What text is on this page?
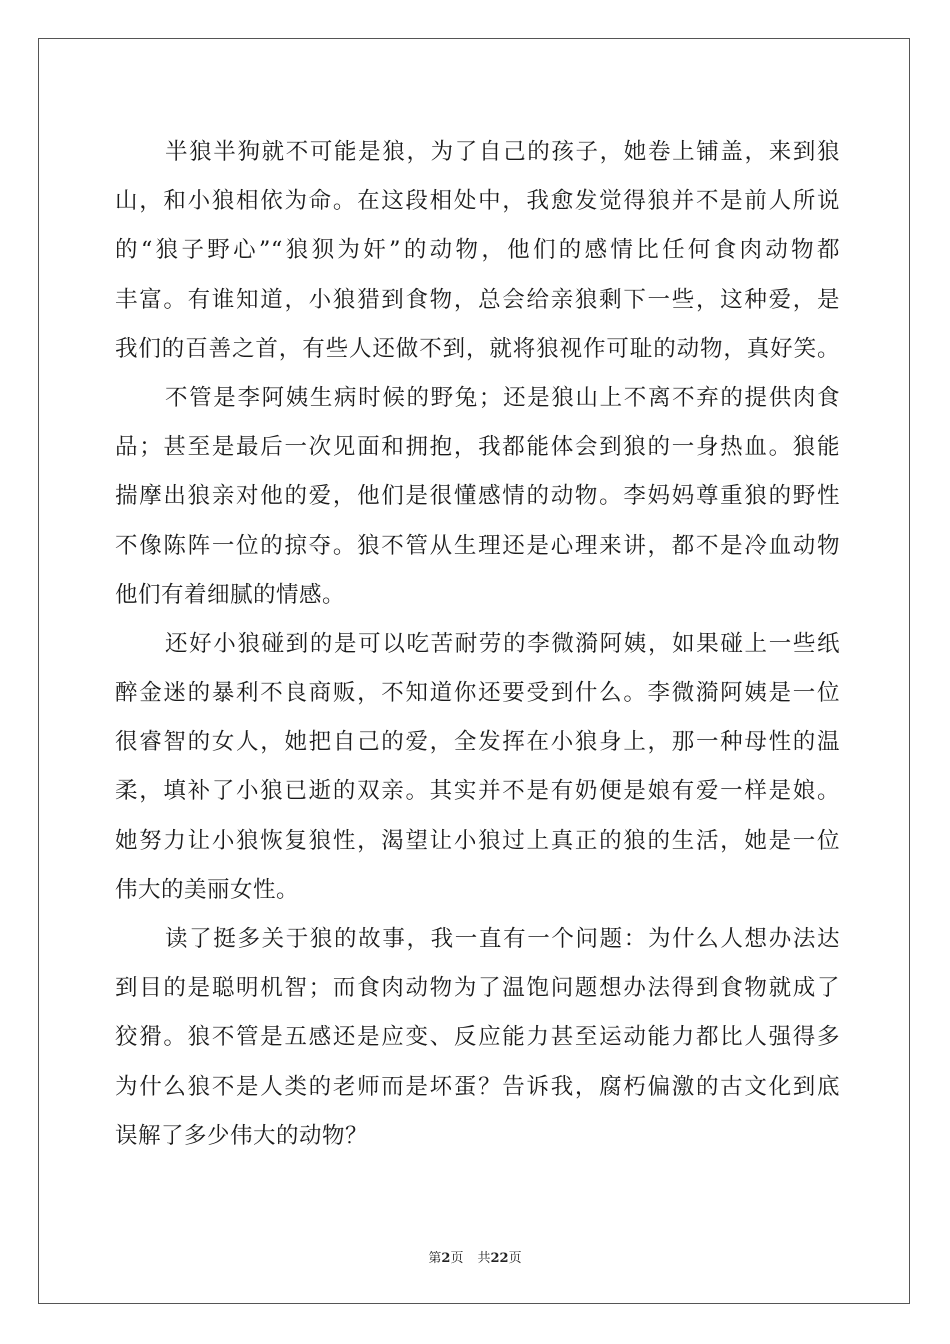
半狼半狗就不可能是狼，为了自己的孩子，她卷上铺盖，来到狼
山，和小狼相依为命。在这段相处中，我愈发觉得狼并不是前人所说
的“狼子野心”“狼狈为奸”的动物，他们的感情比任何食肉动物都
丰富。有谁知道，小狼猎到食物，总会给亲狼剩下一些，这种爱，是
我们的百善之首，有些人还做不到，就将狼视作可耻的动物，真好笑。
不管是李阿姨生病时候的野兔；还是狼山上不离不弃的提供肉食
品；甚至是最后一次见面和拥抱，我都能体会到狼的一身热血。狼能
揣摩出狼亲对他的爱，他们是很懂感情的动物。李妈妈尊重狼的野性
不像陈阵一位的掠夺。狼不管从生理还是心理来讲，都不是冷血动物
他们有着细腻的情感。
还好小狼碰到的是可以吃苦耐劳的李微漪阿姨，如果碰上一些纸
醉金迷的暴利不良商贩，不知道你还要受到什么。李微漪阿姨是一位
很睿智的女人，她把自己的爱，全发挥在小狼身上，那一种母性的温
柔，填补了小狼已逝的双亲。其实并不是有奶便是娘有爱一样是娘。
她努力让小狼恢复狼性，渴望让小狼过上真正的狼的生活，她是一位
伟大的美丽女性。
读了挺多关于狼的故事，我一直有一个问题：为什么人想办法达
到目的是聪明机智；而食肉动物为了温饱问题想办法得到食物就成了
狡猾。狼不管是五感还是应变、反应能力甚至运动能力都比人强得多
为什么狼不是人类的老师而是坏蛋？告诉我，腐朽偏激的古文化到底
误解了多少伟大的动物？
第2页 共22页
